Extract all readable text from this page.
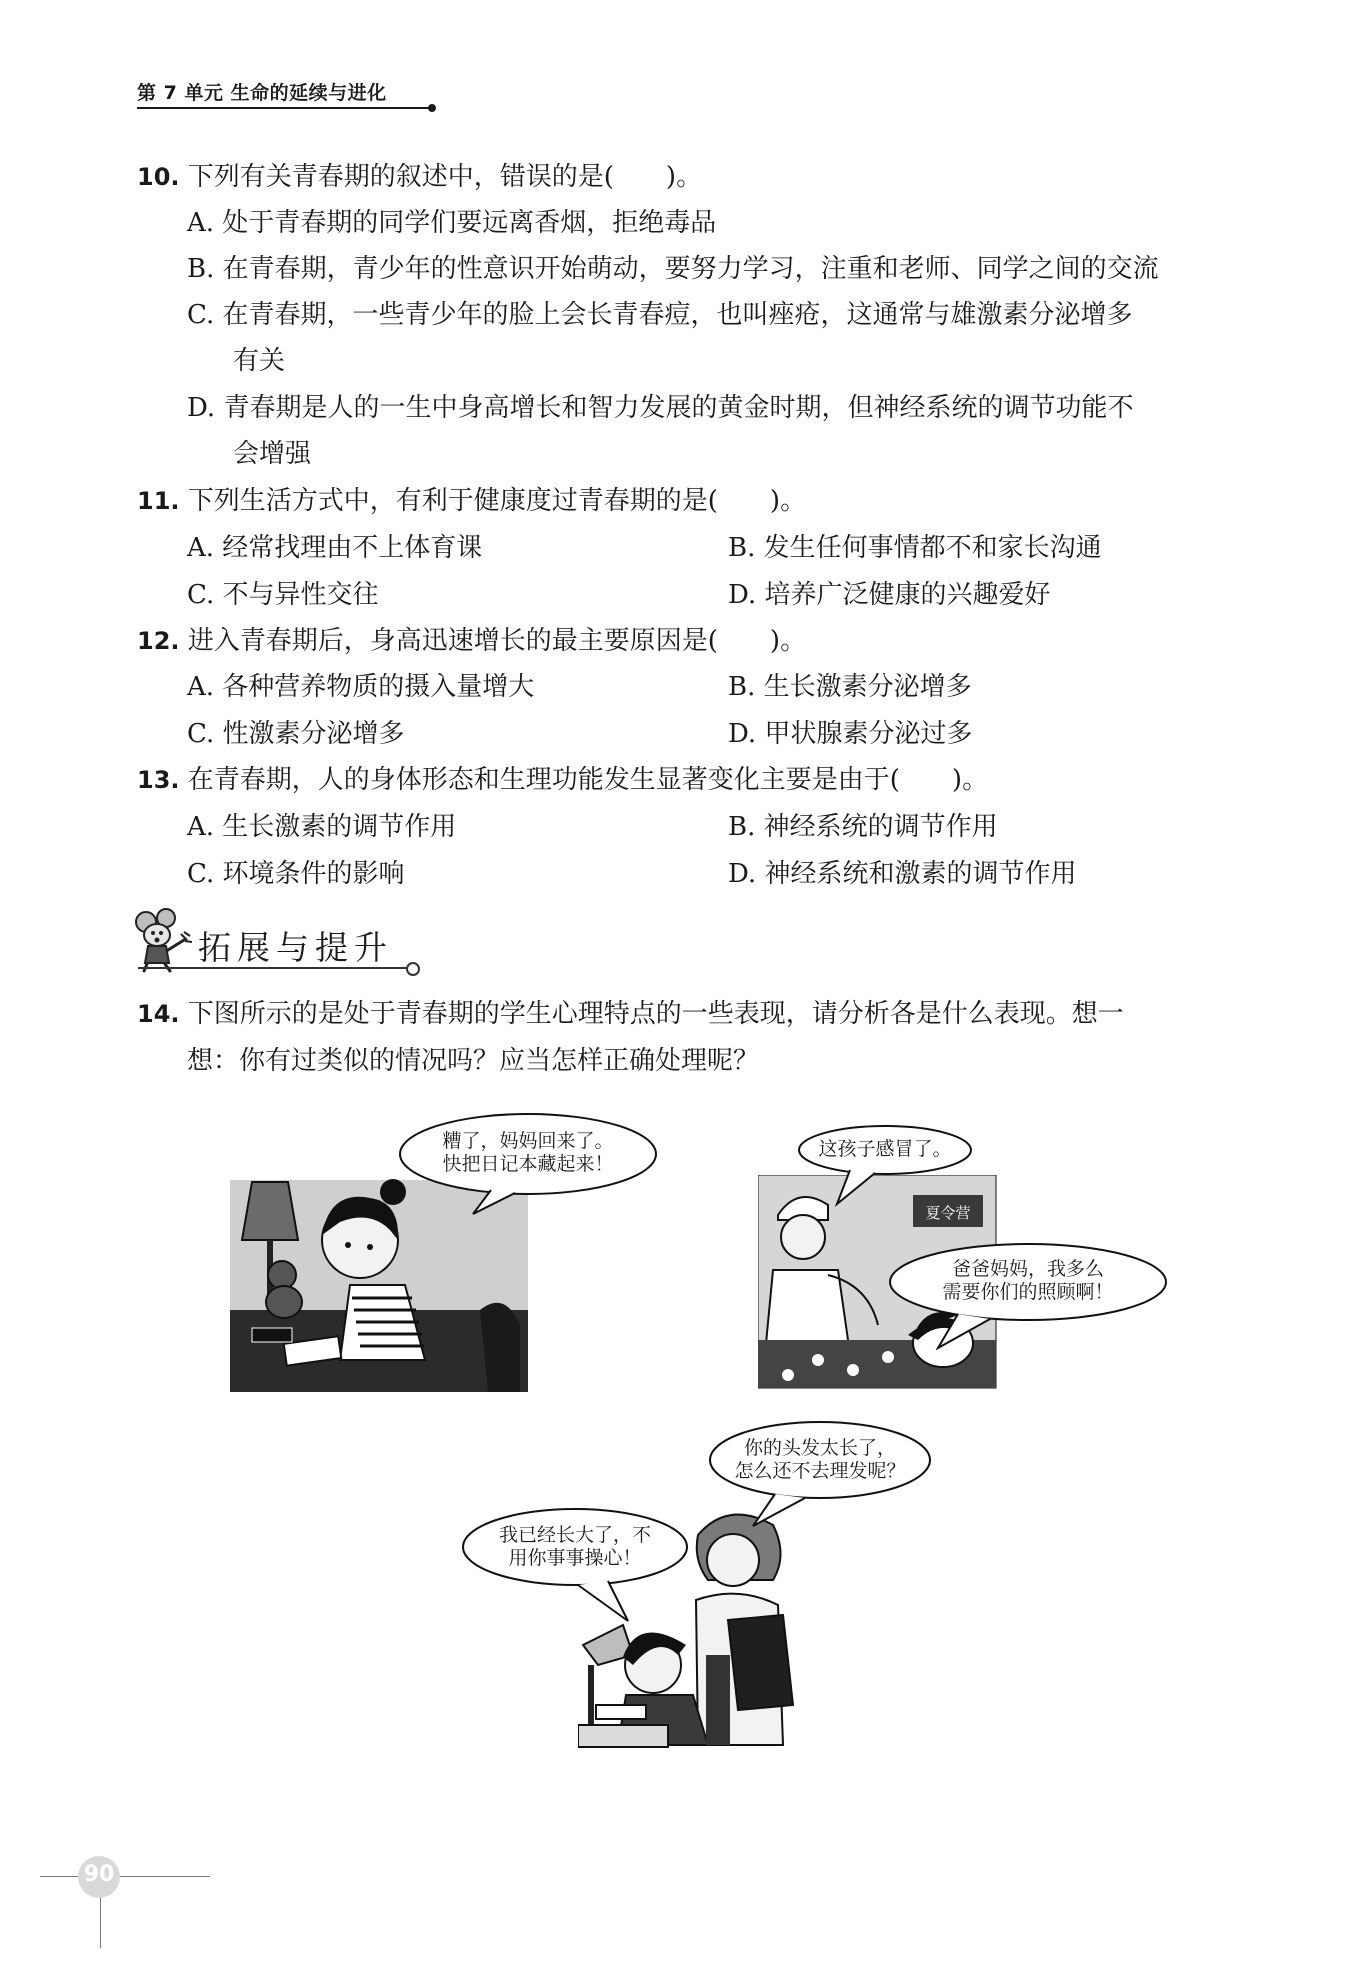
第 7 单元 生命的延续与进化
10. 下列有关青春期的叙述中，错误的是(　　)。
A. 处于青春期的同学们要远离香烟，拒绝毒品
B. 在青春期，青少年的性意识开始萌动，要努力学习，注重和老师、同学之间的交流
C. 在青春期，一些青少年的脸上会长青春痘，也叫痤疮，这通常与雄激素分泌增多
有关
D. 青春期是人的一生中身高增长和智力发展的黄金时期，但神经系统的调节功能不
会增强
11. 下列生活方式中，有利于健康度过青春期的是(　　)。
A. 经常找理由不上体育课	B. 发生任何事情都不和家长沟通
C. 不与异性交往	D. 培养广泛健康的兴趣爱好
12. 进入青春期后，身高迅速增长的最主要原因是(　　)。
A. 各种营养物质的摄入量增大	B. 生长激素分泌增多
C. 性激素分泌增多	D. 甲状腺素分泌过多
13. 在青春期，人的身体形态和生理功能发生显著变化主要是由于(　　)。
A. 生长激素的调节作用	B. 神经系统的调节作用
C. 环境条件的影响	D. 神经系统和激素的调节作用
拓展与提升
14. 下图所示的是处于青春期的学生心理特点的一些表现，请分析各是什么表现。想一
想：你有过类似的情况吗？应当怎样正确处理呢？
糟了，妈妈回来了。
快把日记本藏起来！
夏令营
这孩子感冒了。
爸爸妈妈，我多么
需要你们的照顾啊！
你的头发太长了，
怎么还不去理发呢？
我已经长大了，不
用你事事操心！
90
